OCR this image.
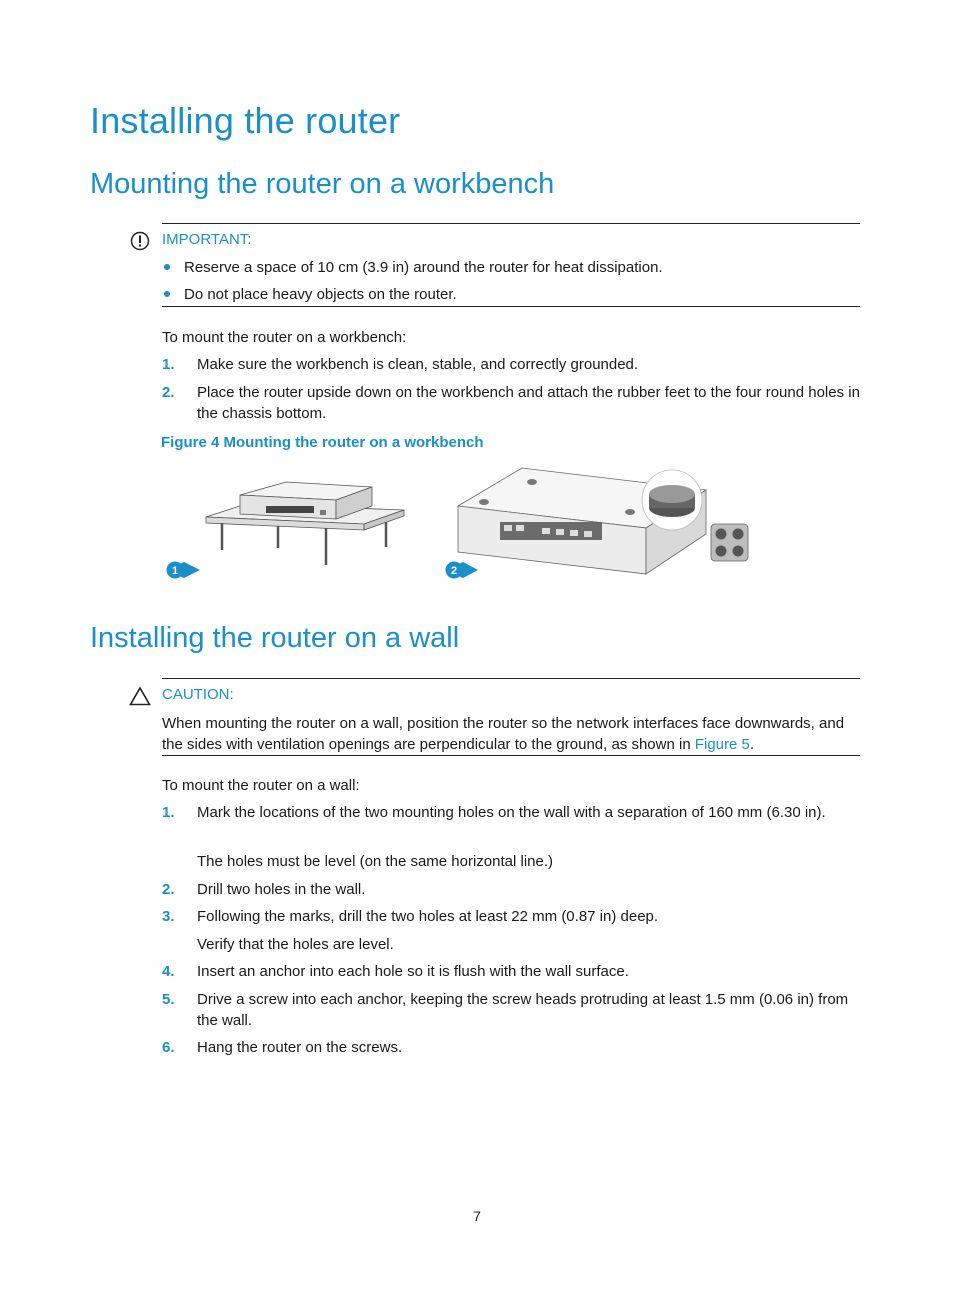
Installing the router
Mounting the router on a workbench
IMPORTANT:
Reserve a space of 10 cm (3.9 in) around the router for heat dissipation.
Do not place heavy objects on the router.
To mount the router on a workbench:
1. Make sure the workbench is clean, stable, and correctly grounded.
2. Place the router upside down on the workbench and attach the rubber feet to the four round holes in the chassis bottom.
Figure 4 Mounting the router on a workbench
1	2
Installing the router on a wall
CAUTION:
When mounting the router on a wall, position the router so the network interfaces face downwards, and the sides with ventilation openings are perpendicular to the ground, as shown in Figure 5.
To mount the router on a wall:
1. Mark the locations of the two mounting holes on the wall with a separation of 160 mm (6.30 in).
The holes must be level (on the same horizontal line.)
2. Drill two holes in the wall.
3. Following the marks, drill the two holes at least 22 mm (0.87 in) deep.
Verify that the holes are level.
4. Insert an anchor into each hole so it is flush with the wall surface.
5. Drive a screw into each anchor, keeping the screw heads protruding at least 1.5 mm (0.06 in) from the wall.
6. Hang the router on the screws.
7
